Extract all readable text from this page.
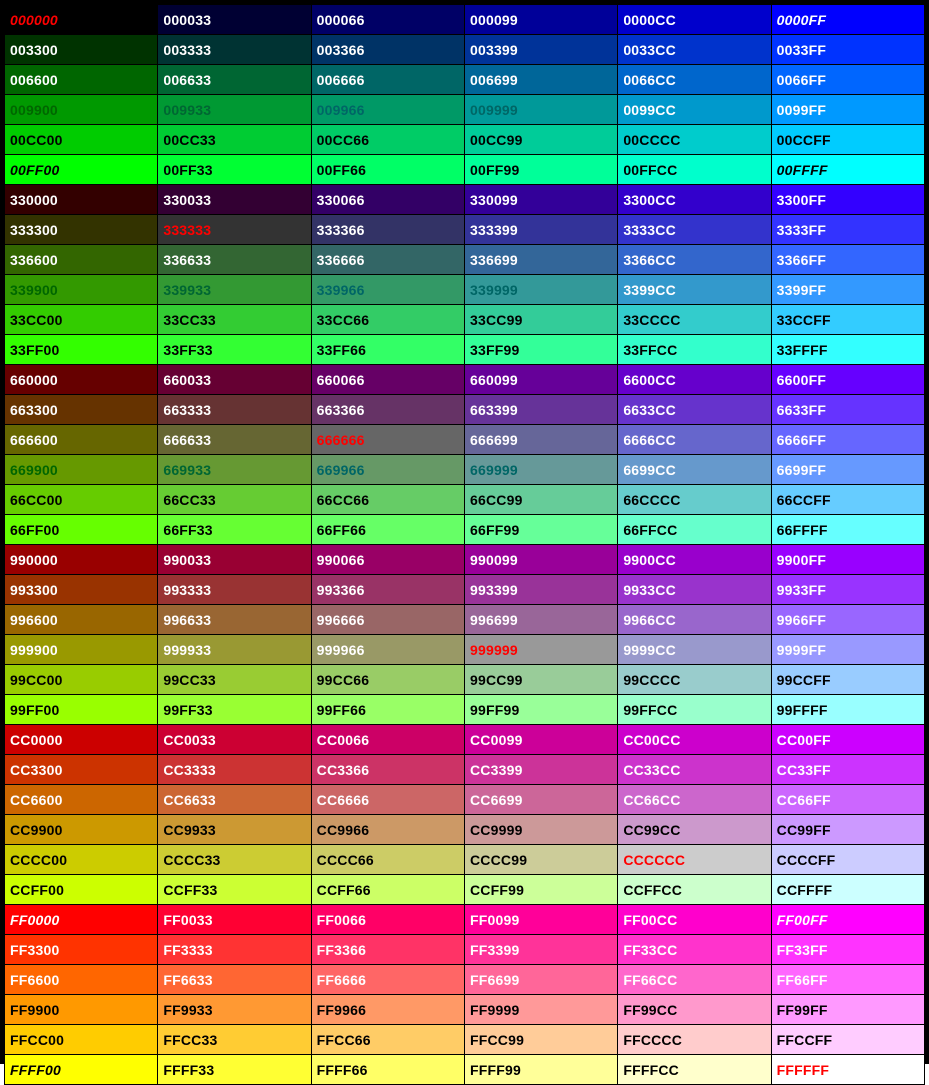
000000	000033	000066	000099	0000CC	0000FF
003300	003333	003366	003399	0033CC	0033FF
006600	006633	006666	006699	0066CC	0066FF
009900	009933	009966	009999	0099CC	0099FF
00CC00	00CC33	00CC66	00CC99	00CCCC	00CCFF
00FF00	00FF33	00FF66	00FF99	00FFCC	00FFFF
330000	330033	330066	330099	3300CC	3300FF
333300	333333	333366	333399	3333CC	3333FF
336600	336633	336666	336699	3366CC	3366FF
339900	339933	339966	339999	3399CC	3399FF
33CC00	33CC33	33CC66	33CC99	33CCCC	33CCFF
33FF00	33FF33	33FF66	33FF99	33FFCC	33FFFF
660000	660033	660066	660099	6600CC	6600FF
663300	663333	663366	663399	6633CC	6633FF
666600	666633	666666	666699	6666CC	6666FF
669900	669933	669966	669999	6699CC	6699FF
66CC00	66CC33	66CC66	66CC99	66CCCC	66CCFF
66FF00	66FF33	66FF66	66FF99	66FFCC	66FFFF
990000	990033	990066	990099	9900CC	9900FF
993300	993333	993366	993399	9933CC	9933FF
996600	996633	996666	996699	9966CC	9966FF
999900	999933	999966	999999	9999CC	9999FF
99CC00	99CC33	99CC66	99CC99	99CCCC	99CCFF
99FF00	99FF33	99FF66	99FF99	99FFCC	99FFFF
CC0000	CC0033	CC0066	CC0099	CC00CC	CC00FF
CC3300	CC3333	CC3366	CC3399	CC33CC	CC33FF
CC6600	CC6633	CC6666	CC6699	CC66CC	CC66FF
CC9900	CC9933	CC9966	CC9999	CC99CC	CC99FF
CCCC00	CCCC33	CCCC66	CCCC99	CCCCCC	CCCCFF
CCFF00	CCFF33	CCFF66	CCFF99	CCFFCC	CCFFFF
FF0000	FF0033	FF0066	FF0099	FF00CC	FF00FF
FF3300	FF3333	FF3366	FF3399	FF33CC	FF33FF
FF6600	FF6633	FF6666	FF6699	FF66CC	FF66FF
FF9900	FF9933	FF9966	FF9999	FF99CC	FF99FF
FFCC00	FFCC33	FFCC66	FFCC99	FFCCCC	FFCCFF
FFFF00	FFFF33	FFFF66	FFFF99	FFFFCC	FFFFFF
